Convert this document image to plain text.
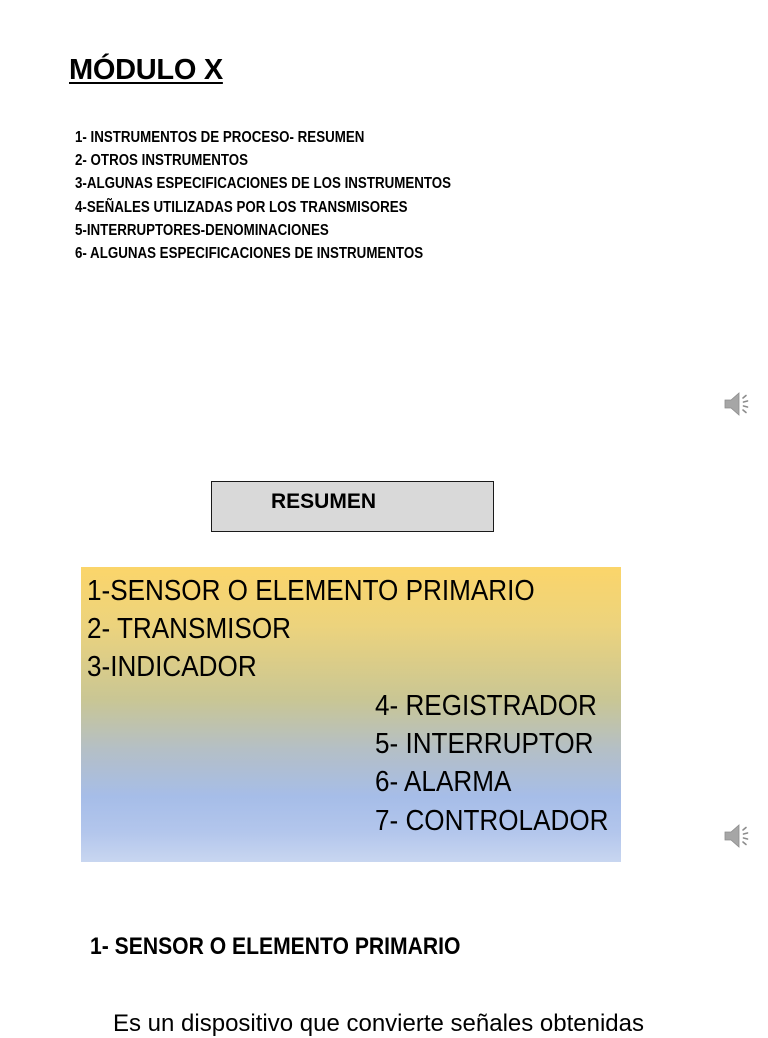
MÓDULO X
1- INSTRUMENTOS DE PROCESO- RESUMEN
2- OTROS INSTRUMENTOS
3-ALGUNAS ESPECIFICACIONES DE LOS INSTRUMENTOS
4-SEÑALES UTILIZADAS POR LOS TRANSMISORES
5-INTERRUPTORES-DENOMINACIONES
6- ALGUNAS ESPECIFICACIONES DE INSTRUMENTOS
RESUMEN
1-SENSOR O ELEMENTO PRIMARIO
2- TRANSMISOR
3-INDICADOR
4- REGISTRADOR
5- INTERRUPTOR
6- ALARMA
7- CONTROLADOR
1- SENSOR O ELEMENTO PRIMARIO

Es un dispositivo que convierte señales obtenidas
